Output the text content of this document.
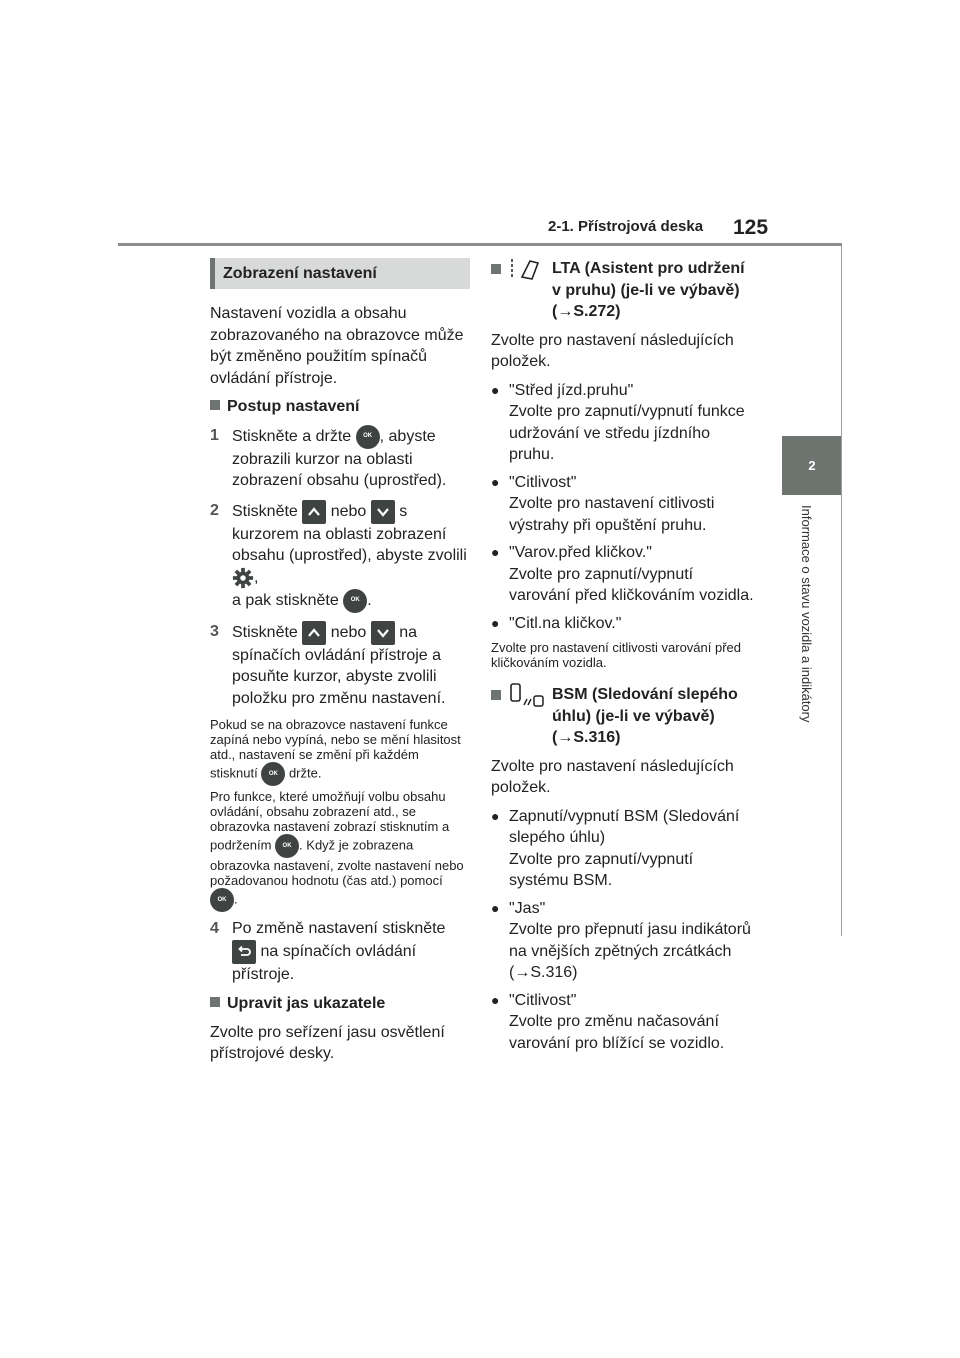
2-1. Přístrojová deska 125
2
Informace o stavu vozidla a indikátory
Zobrazení nastavení

Nastavení vozidla a obsahu zobrazovaného na obrazovce může být změněno použitím spínačů ovládání přístroje.

Postup nastavení
1 Stiskněte a držte OK , abyste zobrazili kurzor na oblasti zobrazení obsahu (uprostřed).
2 Stiskněte nebo s kurzorem na oblasti zobrazení obsahu (uprostřed), abyste zvolili
,
a pak stiskněte OK .
3 Stiskněte nebo na spínačích ovládání přístroje a posuňte kurzor, abyste zvolili položku pro změnu nastavení.
Pokud se na obrazovce nastavení funkce zapíná nebo vypíná, nebo se mění hlasitost atd., nastavení se změní při každém stisknutí OK držte.
Pro funkce, které umožňují volbu obsahu ovládání, obsahu zobrazení atd., se obrazovka nastavení zobrazí stisknutím a podržením OK . Když je zobrazena obrazovka nastavení, zvolte nastavení nebo požadovanou hodnotu (čas atd.) pomocí OK .
4 Po změně nastavení stiskněte

na spínačích ovládání přístroje.
Upravit jas ukazatele

Zvolte pro seřízení jasu osvětlení přístrojové desky.

LTA (Asistent pro udržení v pruhu) (je-li ve výbavě) (→S.272)

Zvolte pro nastavení následujících položek.

● "Střed jízd.pruhu"
Zvolte pro zapnutí/vypnutí funkce udržování ve středu jízdního pruhu.
● "Citlivost"
Zvolte pro nastavení citlivosti výstrahy při opuštění pruhu.
● "Varov.před kličkov."
Zvolte pro zapnutí/vypnutí varování před kličkováním vozidla.
● "Citl.na kličkov."
Zvolte pro nastavení citlivosti varování před kličkováním vozidla.
BSM (Sledování slepého úhlu) (je-li ve výbavě) (→S.316)

Zvolte pro nastavení následujících položek.

● Zapnutí/vypnutí BSM (Sledování slepého úhlu)
Zvolte pro zapnutí/vypnutí systému BSM.
● "Jas"
Zvolte pro přepnutí jasu indikátorů na vnějších zpětných zrcátkách (→S.316)
● "Citlivost"
Zvolte pro změnu načasování varování pro blížící se vozidlo.
